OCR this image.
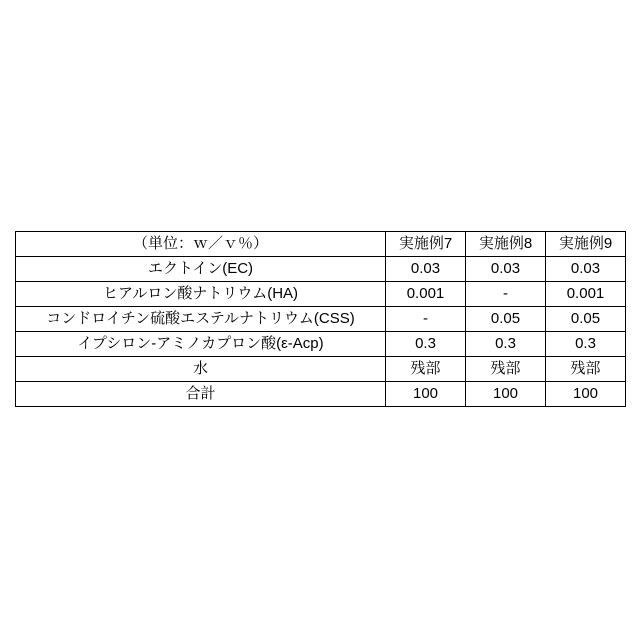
（単位：ｗ／ｖ％）	実施例7	実施例8	実施例9
エクトイン(EC)	0.03	0.03	0.03
ヒアルロン酸ナトリウム(HA)	0.001	-	0.001
コンドロイチン硫酸エステルナトリウム(CSS)	-	0.05	0.05
イプシロン-アミノカプロン酸(ε-Acp)	0.3	0.3	0.3
水	残部	残部	残部
合計	100	100	100
